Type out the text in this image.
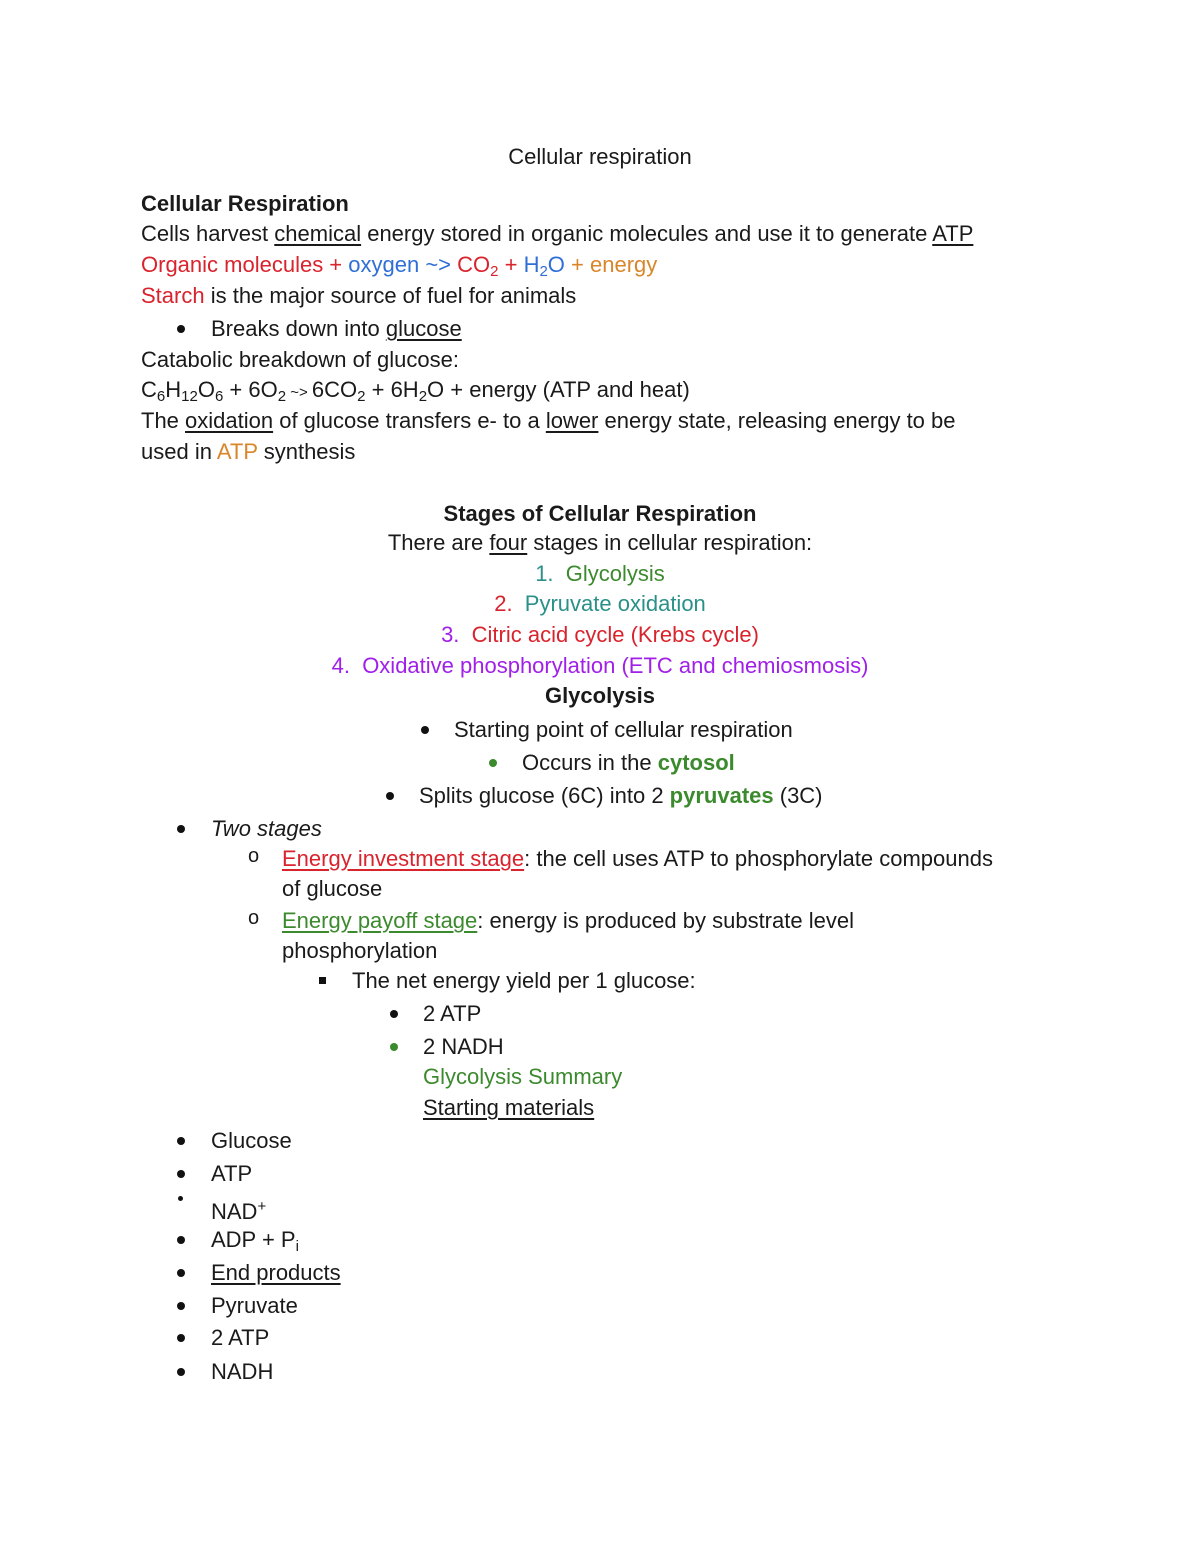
Cellular respiration
Cellular Respiration
Cells harvest chemical energy stored in organic molecules and use it to generate ATP
Organic molecules + oxygen ~> $CO_2 + H_2O$ + energy
Starch is the major source of fuel for animals
Breaks down into glucose
Catabolic breakdown of glucose:
$C_6H_{12}O_6 + 6O_2$ ~> $6CO_2 + 6H_2O$ + energy (ATP and heat)
The oxidation of glucose transfers e- to a lower energy state, releasing energy to be
used in ATP synthesis
Stages of Cellular Respiration
There are four stages in cellular respiration:
1. Glycolysis
2. Pyruvate oxidation
3. Citric acid cycle (Krebs cycle)
4. Oxidative phosphorylation (ETC and chemiosmosis)
Glycolysis
Starting point of cellular respiration
Occurs in the cytosol
Splits glucose (6C) into 2 pyruvates (3C)
Two stages
o Energy investment stage: the cell uses ATP to phosphorylate compounds
of glucose
o Energy payoff stage: energy is produced by substrate level
phosphorylation
The net energy yield per 1 glucose:
2 ATP
2 NADH
Glycolysis Summary
Starting materials
Glucose
ATP
NAD+
ADP + $P_i$
End products
Pyruvate
2 ATP
NADH
